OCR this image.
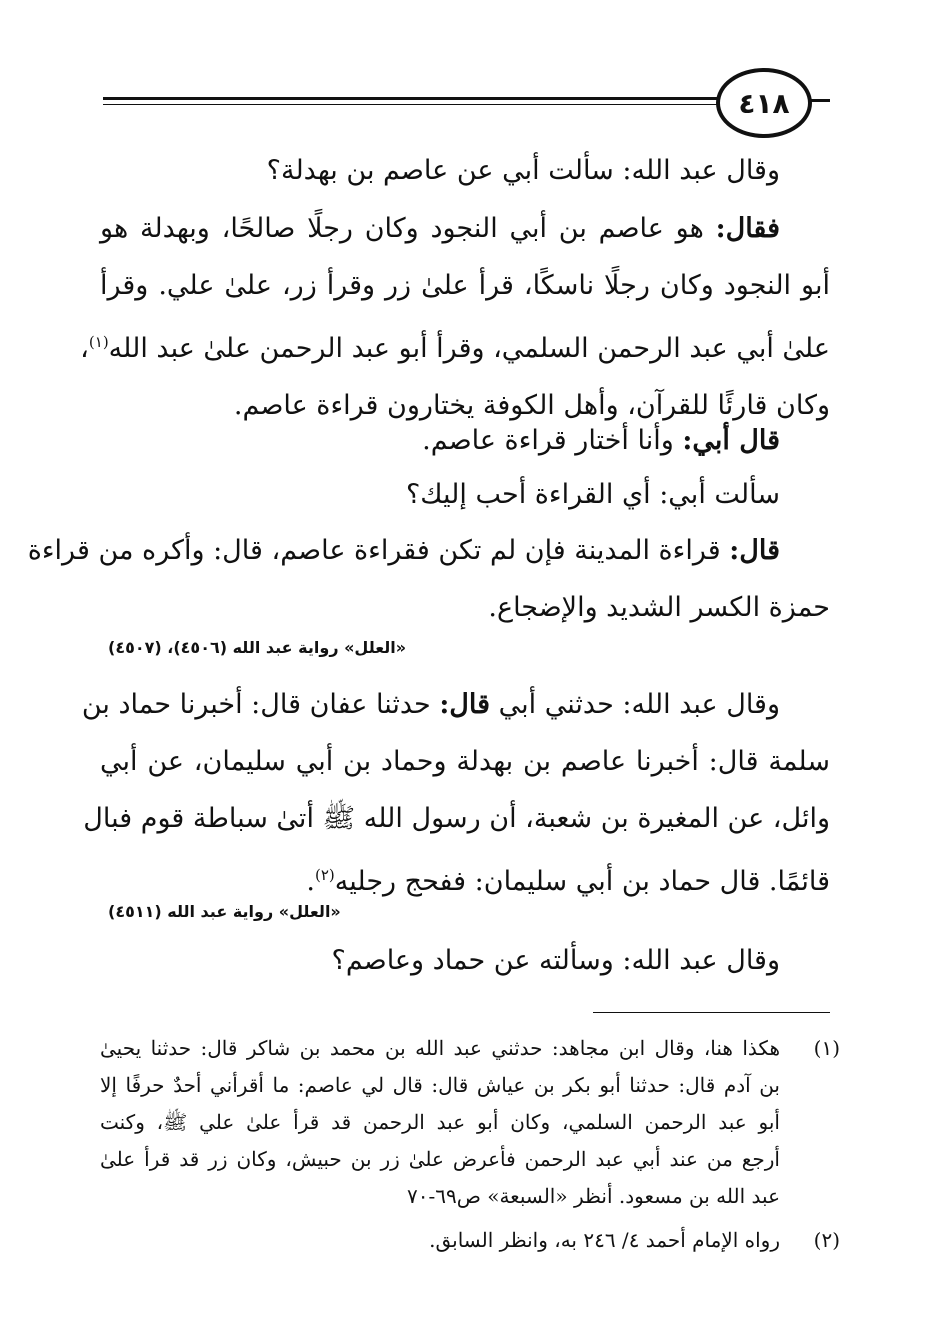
٤١٨
وقال عبد الله: سألت أبي عن عاصم بن بهدلة؟
فقال: هو عاصم بن أبي النجود وكان رجلًا صالحًا، وبهدلة هو
أبو النجود وكان رجلًا ناسكًا، قرأ علىٰ زر وقرأ زر، علىٰ علي. وقرأ
علىٰ أبي عبد الرحمن السلمي، وقرأ أبو عبد الرحمن علىٰ عبد الله$^{(١)}$،
وكان قارئًا للقرآن، وأهل الكوفة يختارون قراءة عاصم.
قال أبي: وأنا أختار قراءة عاصم.
سألت أبي: أي القراءة أحب إليك؟
قال: قراءة المدينة فإن لم تكن فقراءة عاصم، قال: وأكره من قراءة
حمزة الكسر الشديد والإضجاع.
«العلل» رواية عبد الله (٤٥٠٦)، (٤٥٠٧)
وقال عبد الله: حدثني أبي قال: حدثنا عفان قال: أخبرنا حماد بن
سلمة قال: أخبرنا عاصم بن بهدلة وحماد بن أبي سليمان، عن أبي
وائل، عن المغيرة بن شعبة، أن رسول الله ﷺ أتىٰ سباطة قوم فبال
قائمًا. قال حماد بن أبي سليمان: ففحج رجليه$^{(٢)}$.
«العلل» رواية عبد الله (٤٥١١)
وقال عبد الله: وسألته عن حماد وعاصم؟
(١)
هكذا هنا، وقال ابن مجاهد: حدثني عبد الله بن محمد بن شاكر قال: حدثنا يحيىٰ
بن آدم قال: حدثنا أبو بكر بن عياش قال: قال لي عاصم: ما أقرأني أحدٌ حرفًا إلا
أبو عبد الرحمن السلمي، وكان أبو عبد الرحمن قد قرأ علىٰ علي ﷺ، وكنت
أرجع من عند أبي عبد الرحمن فأعرض علىٰ زر بن حبيش، وكان زر قد قرأ علىٰ
عبد الله بن مسعود. أنظر «السبعة» ص٦٩-٧٠
(٢)
رواه الإمام أحمد ٤/ ٢٤٦ به، وانظر السابق.
